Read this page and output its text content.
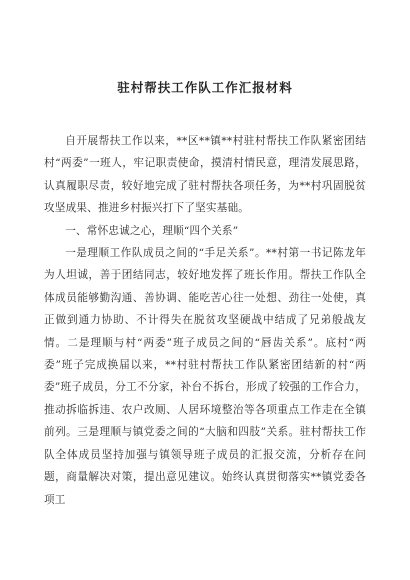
驻村帮扶工作队工作汇报材料

自开展帮扶工作以来，**区**镇**村驻村帮扶工作队紧密团结村“两委”一班人，牢记职责使命，摸清村情民意，理清发展思路，认真履职尽责，较好地完成了驻村帮扶各项任务，为**村巩固脱贫攻坚成果、推进乡村振兴打下了坚实基础。

一、常怀忠诚之心，理顺“四个关系”

一是理顺工作队成员之间的“手足关系”。**村第一书记陈龙年为人坦诚，善于团结同志，较好地发挥了班长作用。帮扶工作队全体成员能够勤沟通、善协调、能吃苦心往一处想、劲往一处使，真正做到通力协助、不计得失在脱贫攻坚硬战中结成了兄弟般战友情。二是理顺与村“两委”班子成员之间的“唇齿关系”。底村“两委”班子完成换届以来，**村驻村帮扶工作队紧密团结新的村“两委”班子成员，分工不分家，补台不拆台，形成了较强的工作合力，推动拆临拆违、农户改厕、人居环境整治等各项重点工作走在全镇前列。三是理顺与镇党委之间的“大脑和四肢”关系。驻村帮扶工作队全体成员坚持加强与镇领导班子成员的汇报交流，分析存在问题，商量解决对策，提出意见建议。始终认真贯彻落实**镇党委各项工
